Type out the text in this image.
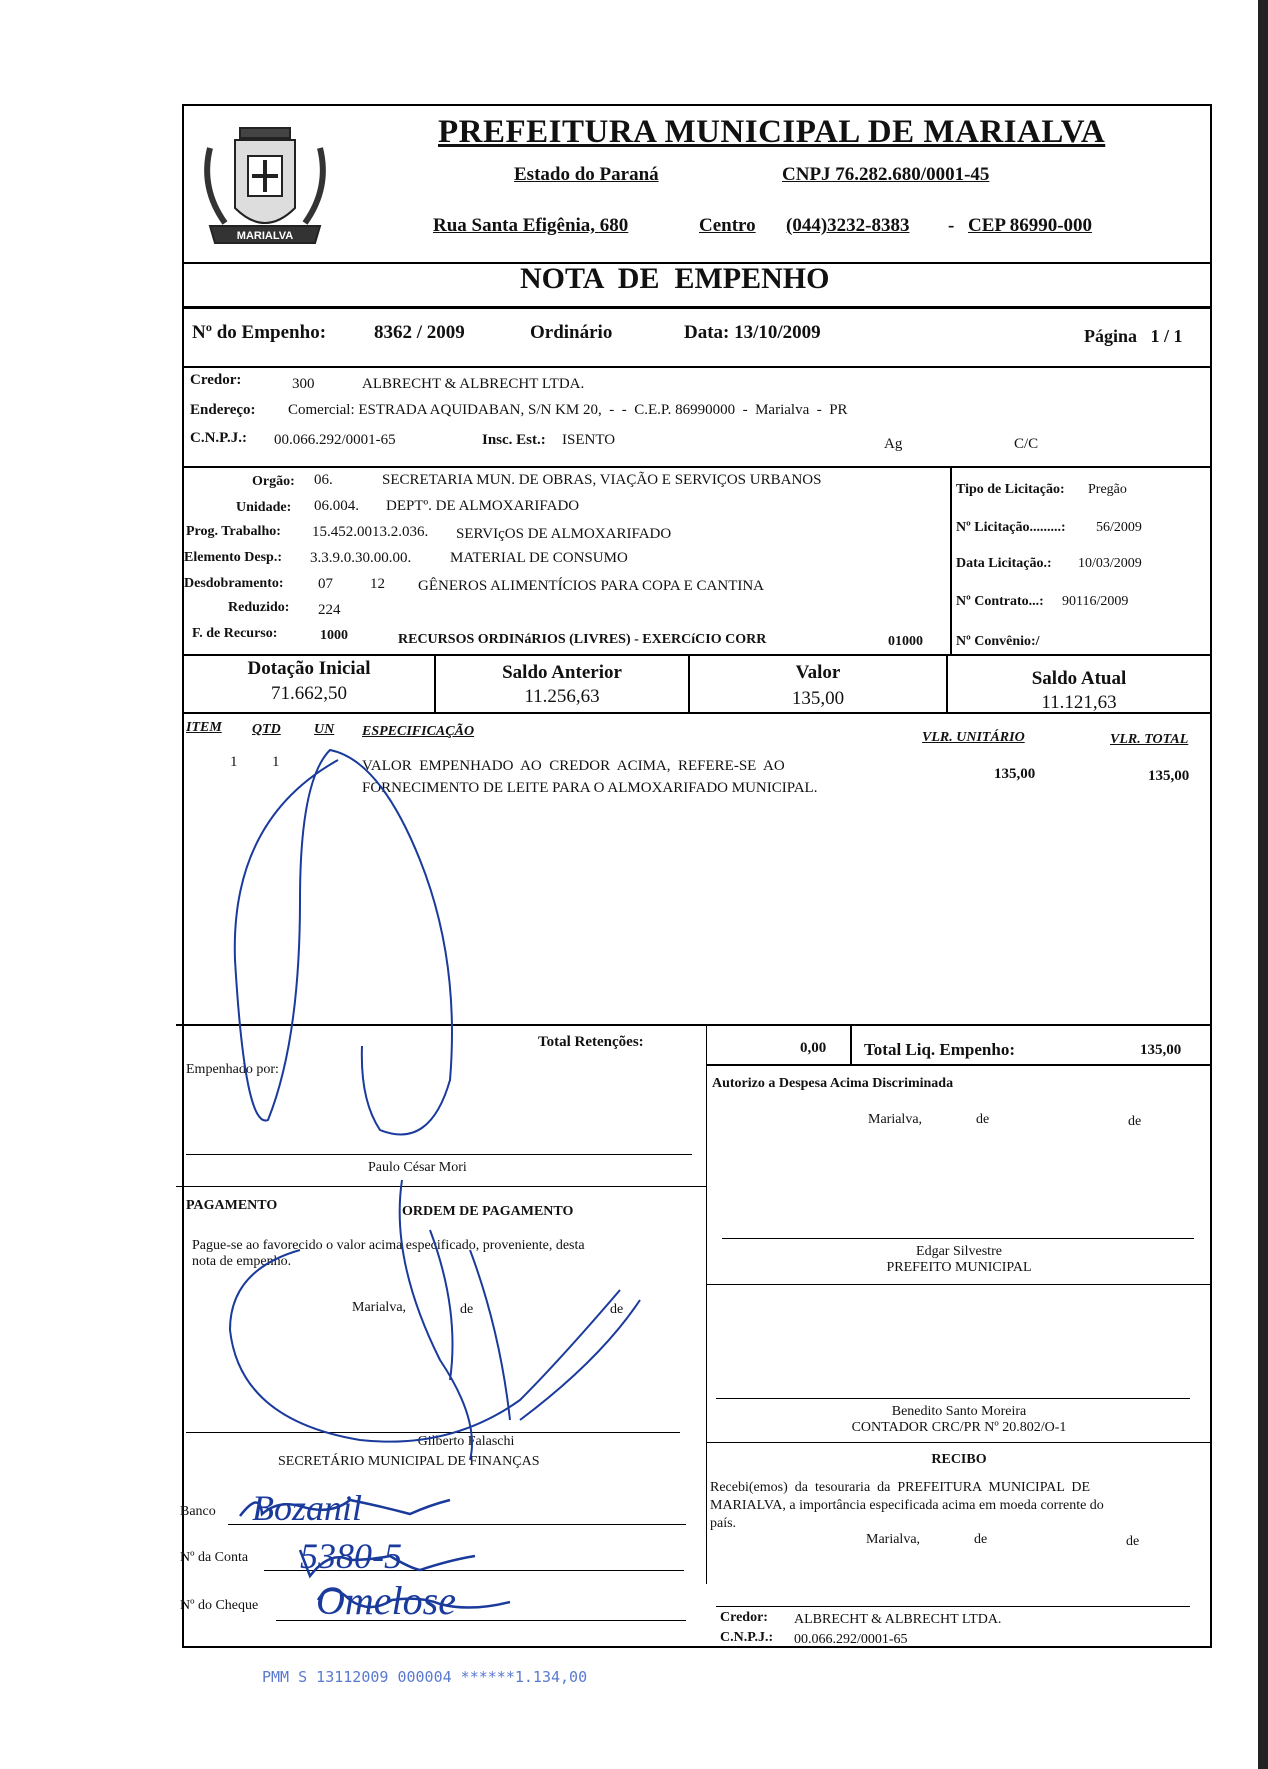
MARIALVA
PREFEITURA MUNICIPAL DE MARIALVA
Estado do Paraná	CNPJ 76.282.680/0001-45
Rua Santa Efigênia, 680	Centro (044)3232-8383 - CEP 86990-000
NOTA  DE  EMPENHO
Nº do Empenho:	8362 / 2009	Ordinário	Data: 13/10/2009	Página   1 / 1
Credor:	300	ALBRECHT & ALBRECHT LTDA.
Endereço: Comercial: ESTRADA AQUIDABAN, S/N KM 20,  -  -  C.E.P. 86990000  -  Marialva  -  PR
C.N.P.J.: 00.066.292/0001-65	Insc. Est.: ISENTO	Ag	C/C
Orgão: 06.	SECRETARIA MUN. DE OBRAS, VIAÇÃO E SERVIÇOS URBANOS
Unidade: 06.004. DEPTº. DE ALMOXARIFADO
Prog. Trabalho: 15.452.0013.2.036. SERVIçOS DE ALMOXARIFADO
Elemento Desp.: 3.3.9.0.30.00.00.	MATERIAL DE CONSUMO
Desdobramento: 07 12 GÊNEROS ALIMENTÍCIOS PARA COPA E CANTINA
Reduzido: 224
F. de Recurso:	1000	RECURSOS ORDINáRIOS (LIVRES) - EXERCíCIO CORR	01000
Tipo de Licitação: Pregão
Nº Licitação.........: 56/2009
Data Licitação.: 10/03/2009
Nº Contrato...: 90116/2009
Nº Convênio:/
Dotação Inicial
71.662,50
Saldo Anterior
11.256,63
Valor
135,00
Saldo Atual
11.121,63
ITEM QTD UN ESPECIFICAÇÃO	VLR. UNITÁRIO	VLR. TOTAL
1 1	VALOR  EMPENHADO  AO  CREDOR  ACIMA,  REFERE-SE  AO
FORNECIMENTO DE LEITE PARA O ALMOXARIFADO MUNICIPAL.
135,00	135,00
Total Retenções:	0,00 Total Liq. Empenho:	135,00
Empenhado por:
Paulo César Mori
Autorizo a Despesa Acima Discriminada
Marialva,	de	de
Edgar Silvestre
PREFEITO MUNICIPAL
PAGAMENTO	ORDEM DE PAGAMENTO
Pague-se ao favorecido o valor acima especificado, proveniente, desta
nota de empenho.
Marialva,	de	de
Gilberto Falaschi
SECRETÁRIO MUNICIPAL DE FINANÇAS
Banco
Nº da Conta
Nº do Cheque
Benedito Santo Moreira
CONTADOR CRC/PR Nº 20.802/O-1
RECIBO
Recebi(emos)  da  tesouraria  da  PREFEITURA  MUNICIPAL  DE
MARIALVA, a importância especificada acima em moeda corrente do
país.
Marialva,	de	de
Credor: ALBRECHT & ALBRECHT LTDA.
C.N.P.J.: 00.066.292/0001-65
PMM S 13112009 000004 ******1.134,00
Bozanil
5380-5
Omelose
